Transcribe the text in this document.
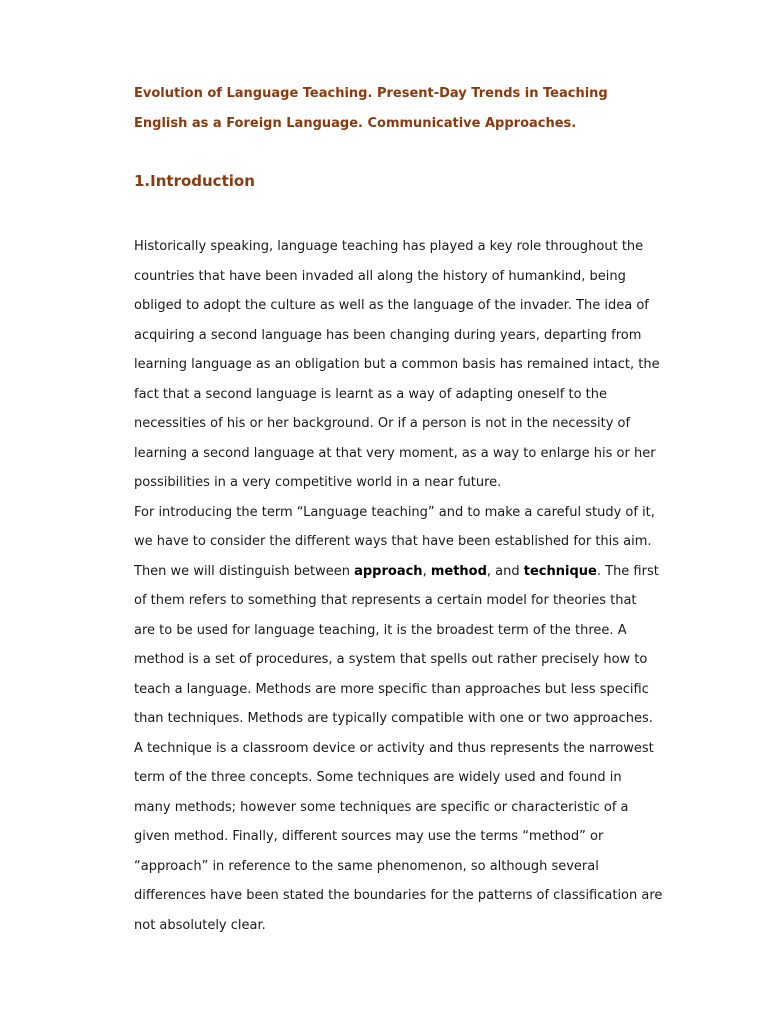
Evolution of Language Teaching. Present-Day Trends in Teaching
English as a Foreign Language. Communicative Approaches.
1.Introduction
Historically speaking, language teaching has played a key role throughout the
countries that have been invaded all along the history of humankind, being
obliged to adopt the culture as well as the language of the invader. The idea of
acquiring a second language has been changing during years, departing from
learning language as an obligation but a common basis has remained intact, the
fact that a second language is learnt as a way of adapting oneself to the
necessities of his or her background. Or if a person is not in the necessity of
learning a second language at that very moment, as a way to enlarge his or her
possibilities in a very competitive world in a near future.
For introducing the term “Language teaching” and to make a careful study of it,
we have to consider the different ways that have been established for this aim.
Then we will distinguish between approach, method, and technique. The first
of them refers to something that represents a certain model for theories that
are to be used for language teaching, it is the broadest term of the three. A
method is a set of procedures, a system that spells out rather precisely how to
teach a language. Methods are more specific than approaches but less specific
than techniques. Methods are typically compatible with one or two approaches.
A technique is a classroom device or activity and thus represents the narrowest
term of the three concepts. Some techniques are widely used and found in
many methods; however some techniques are specific or characteristic of a
given method. Finally, different sources may use the terms “method” or
“approach” in reference to the same phenomenon, so although several
differences have been stated the boundaries for the patterns of classification are
not absolutely clear.
